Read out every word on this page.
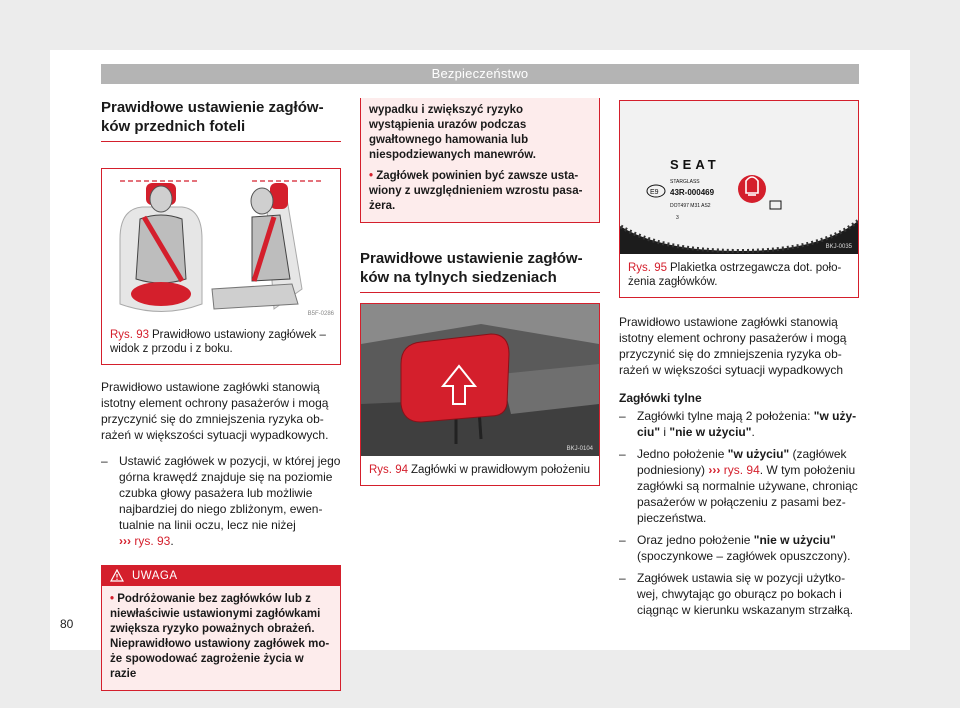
Bezpieczeństwo
Prawidłowe ustawienie zagłówków przednich foteli
B5F-0286
Rys. 93 Prawidłowo ustawiony zagłówek – widok z przodu i z boku.

Prawidłowo ustawione zagłówki stanowią istotny element ochrony pasażerów i mogą przyczynić się do zmniejszenia ryzyka obrażeń w większości sytuacji wypadkowych.

– Ustawić zagłówek w pozycji, w której jego górna krawędź znajduje się na poziomie czubka głowy pasażera lub możliwie najbardziej do niego zbliżonym, ewentualnie na linii oczu, lecz nie niżej
››› rys. 93.
UWAGA
• Podróżowanie bez zagłówków lub z niewłaściwie ustawionymi zagłówkami zwiększa ryzyko poważnych obrażeń. Nieprawidłowo ustawiony zagłówek może spowodować zagrożenie życia w razie
wypadku i zwiększyć ryzyko wystąpienia urazów podczas gwałtownego hamowania lub niespodziewanych manewrów.
• Zagłówek powinien być zawsze ustawiony z uwzględnieniem wzrostu pasażera.
Prawidłowe ustawienie zagłówków na tylnych siedzeniach
BKJ-0104
Rys. 94 Zagłówki w prawidłowym położeniu
SEAT
STARGLASS
E9 43R-000469
DOT497 M31 AS2
3
BKJ-0035
Rys. 95 Plakietka ostrzegawcza dot. położenia zagłówków.

Prawidłowo ustawione zagłówki stanowią istotny element ochrony pasażerów i mogą przyczynić się do zmniejszenia ryzyka obrażeń w większości sytuacji wypadkowych

Zagłówki tylne
– Zagłówki tylne mają 2 położenia: "w użyciu" i "nie w użyciu".
– Jedno położenie "w użyciu" (zagłówek podniesiony) ››› rys. 94. W tym położeniu zagłówki są normalnie używane, chroniąc pasażerów w połączeniu z pasami bezpieczeństwa.
– Oraz jedno położenie "nie w użyciu" (spoczynkowe – zagłówek opuszczony).
– Zagłówek ustawia się w pozycji użytkowej, chwytając go oburącz po bokach i ciągnąc w kierunku wskazanym strzałką.
80
